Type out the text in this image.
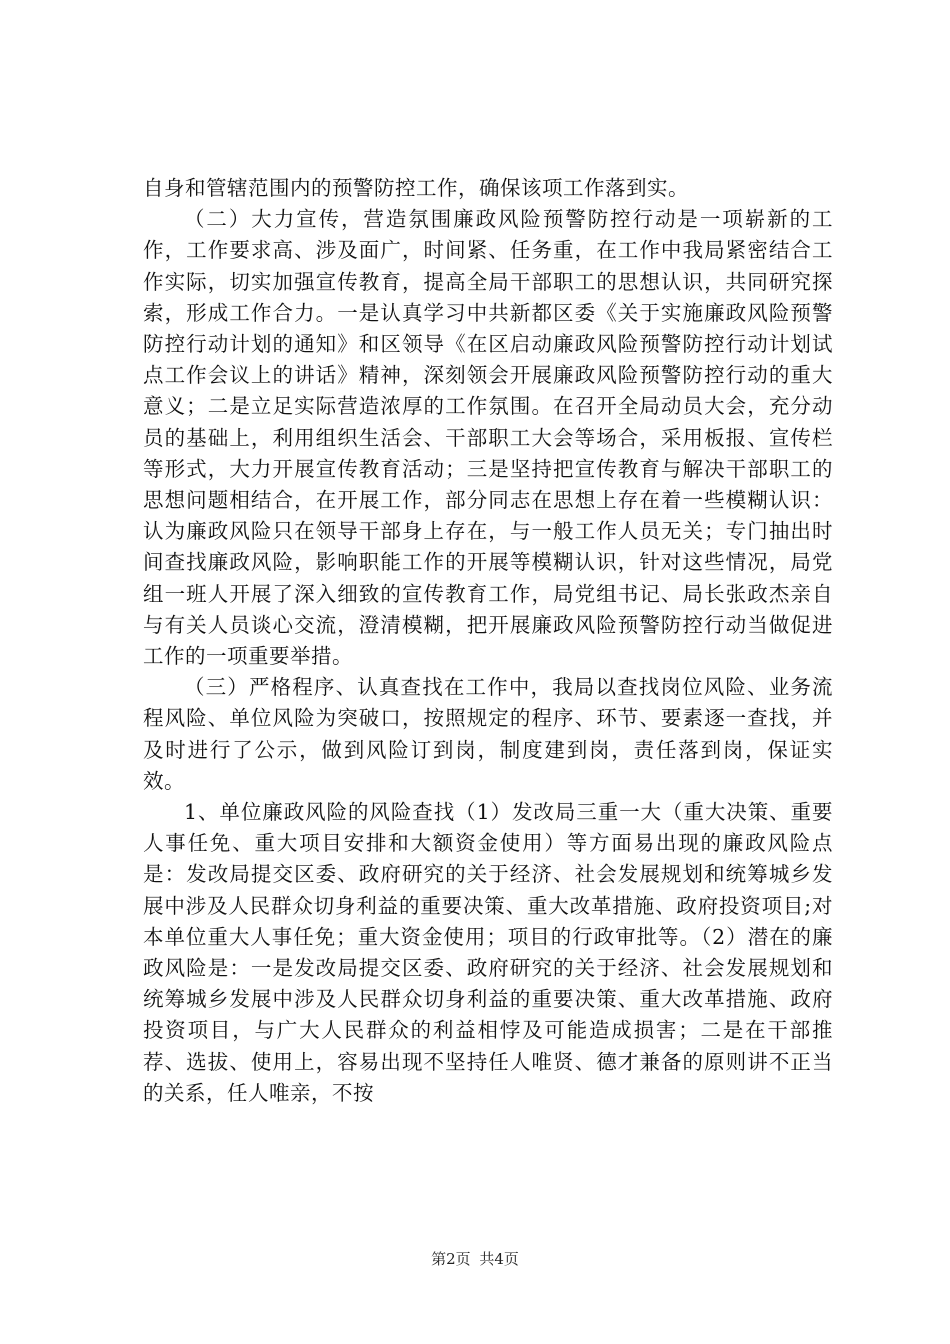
自身和管辖范围内的预警防控工作，确保该项工作落到实。

（二）大力宣传，营造氛围廉政风险预警防控行动是一项崭新的工作，工作要求高、涉及面广，时间紧、任务重，在工作中我局紧密结合工作实际，切实加强宣传教育，提高全局干部职工的思想认识，共同研究探索，形成工作合力。一是认真学习中共新都区委《关于实施廉政风险预警防控行动计划的通知》和区领导《在区启动廉政风险预警防控行动计划试点工作会议上的讲话》精神，深刻领会开展廉政风险预警防控行动的重大意义；二是立足实际营造浓厚的工作氛围。在召开全局动员大会，充分动员的基础上，利用组织生活会、干部职工大会等场合，采用板报、宣传栏等形式，大力开展宣传教育活动；三是坚持把宣传教育与解决干部职工的思想问题相结合，在开展工作，部分同志在思想上存在着一些模糊认识：认为廉政风险只在领导干部身上存在，与一般工作人员无关；专门抽出时间查找廉政风险，影响职能工作的开展等模糊认识，针对这些情况，局党组一班人开展了深入细致的宣传教育工作，局党组书记、局长张政杰亲自与有关人员谈心交流，澄清模糊，把开展廉政风险预警防控行动当做促进工作的一项重要举措。

（三）严格程序、认真查找在工作中，我局以查找岗位风险、业务流程风险、单位风险为突破口，按照规定的程序、环节、要素逐一查找，并及时进行了公示，做到风险订到岗，制度建到岗，责任落到岗，保证实效。

1、单位廉政风险的风险查找（1）发改局三重一大（重大决策、重要人事任免、重大项目安排和大额资金使用）等方面易出现的廉政风险点是：发改局提交区委、政府研究的关于经济、社会发展规划和统筹城乡发展中涉及人民群众切身利益的重要决策、重大改革措施、政府投资项目;对本单位重大人事任免；重大资金使用；项目的行政审批等。（2）潜在的廉政风险是：一是发改局提交区委、政府研究的关于经济、社会发展规划和统筹城乡发展中涉及人民群众切身利益的重要决策、重大改革措施、政府投资项目，与广大人民群众的利益相悖及可能造成损害；二是在干部推荐、选拔、使用上，容易出现不坚持任人唯贤、德才兼备的原则讲不正当的关系，任人唯亲，不按

第2页 共4页
